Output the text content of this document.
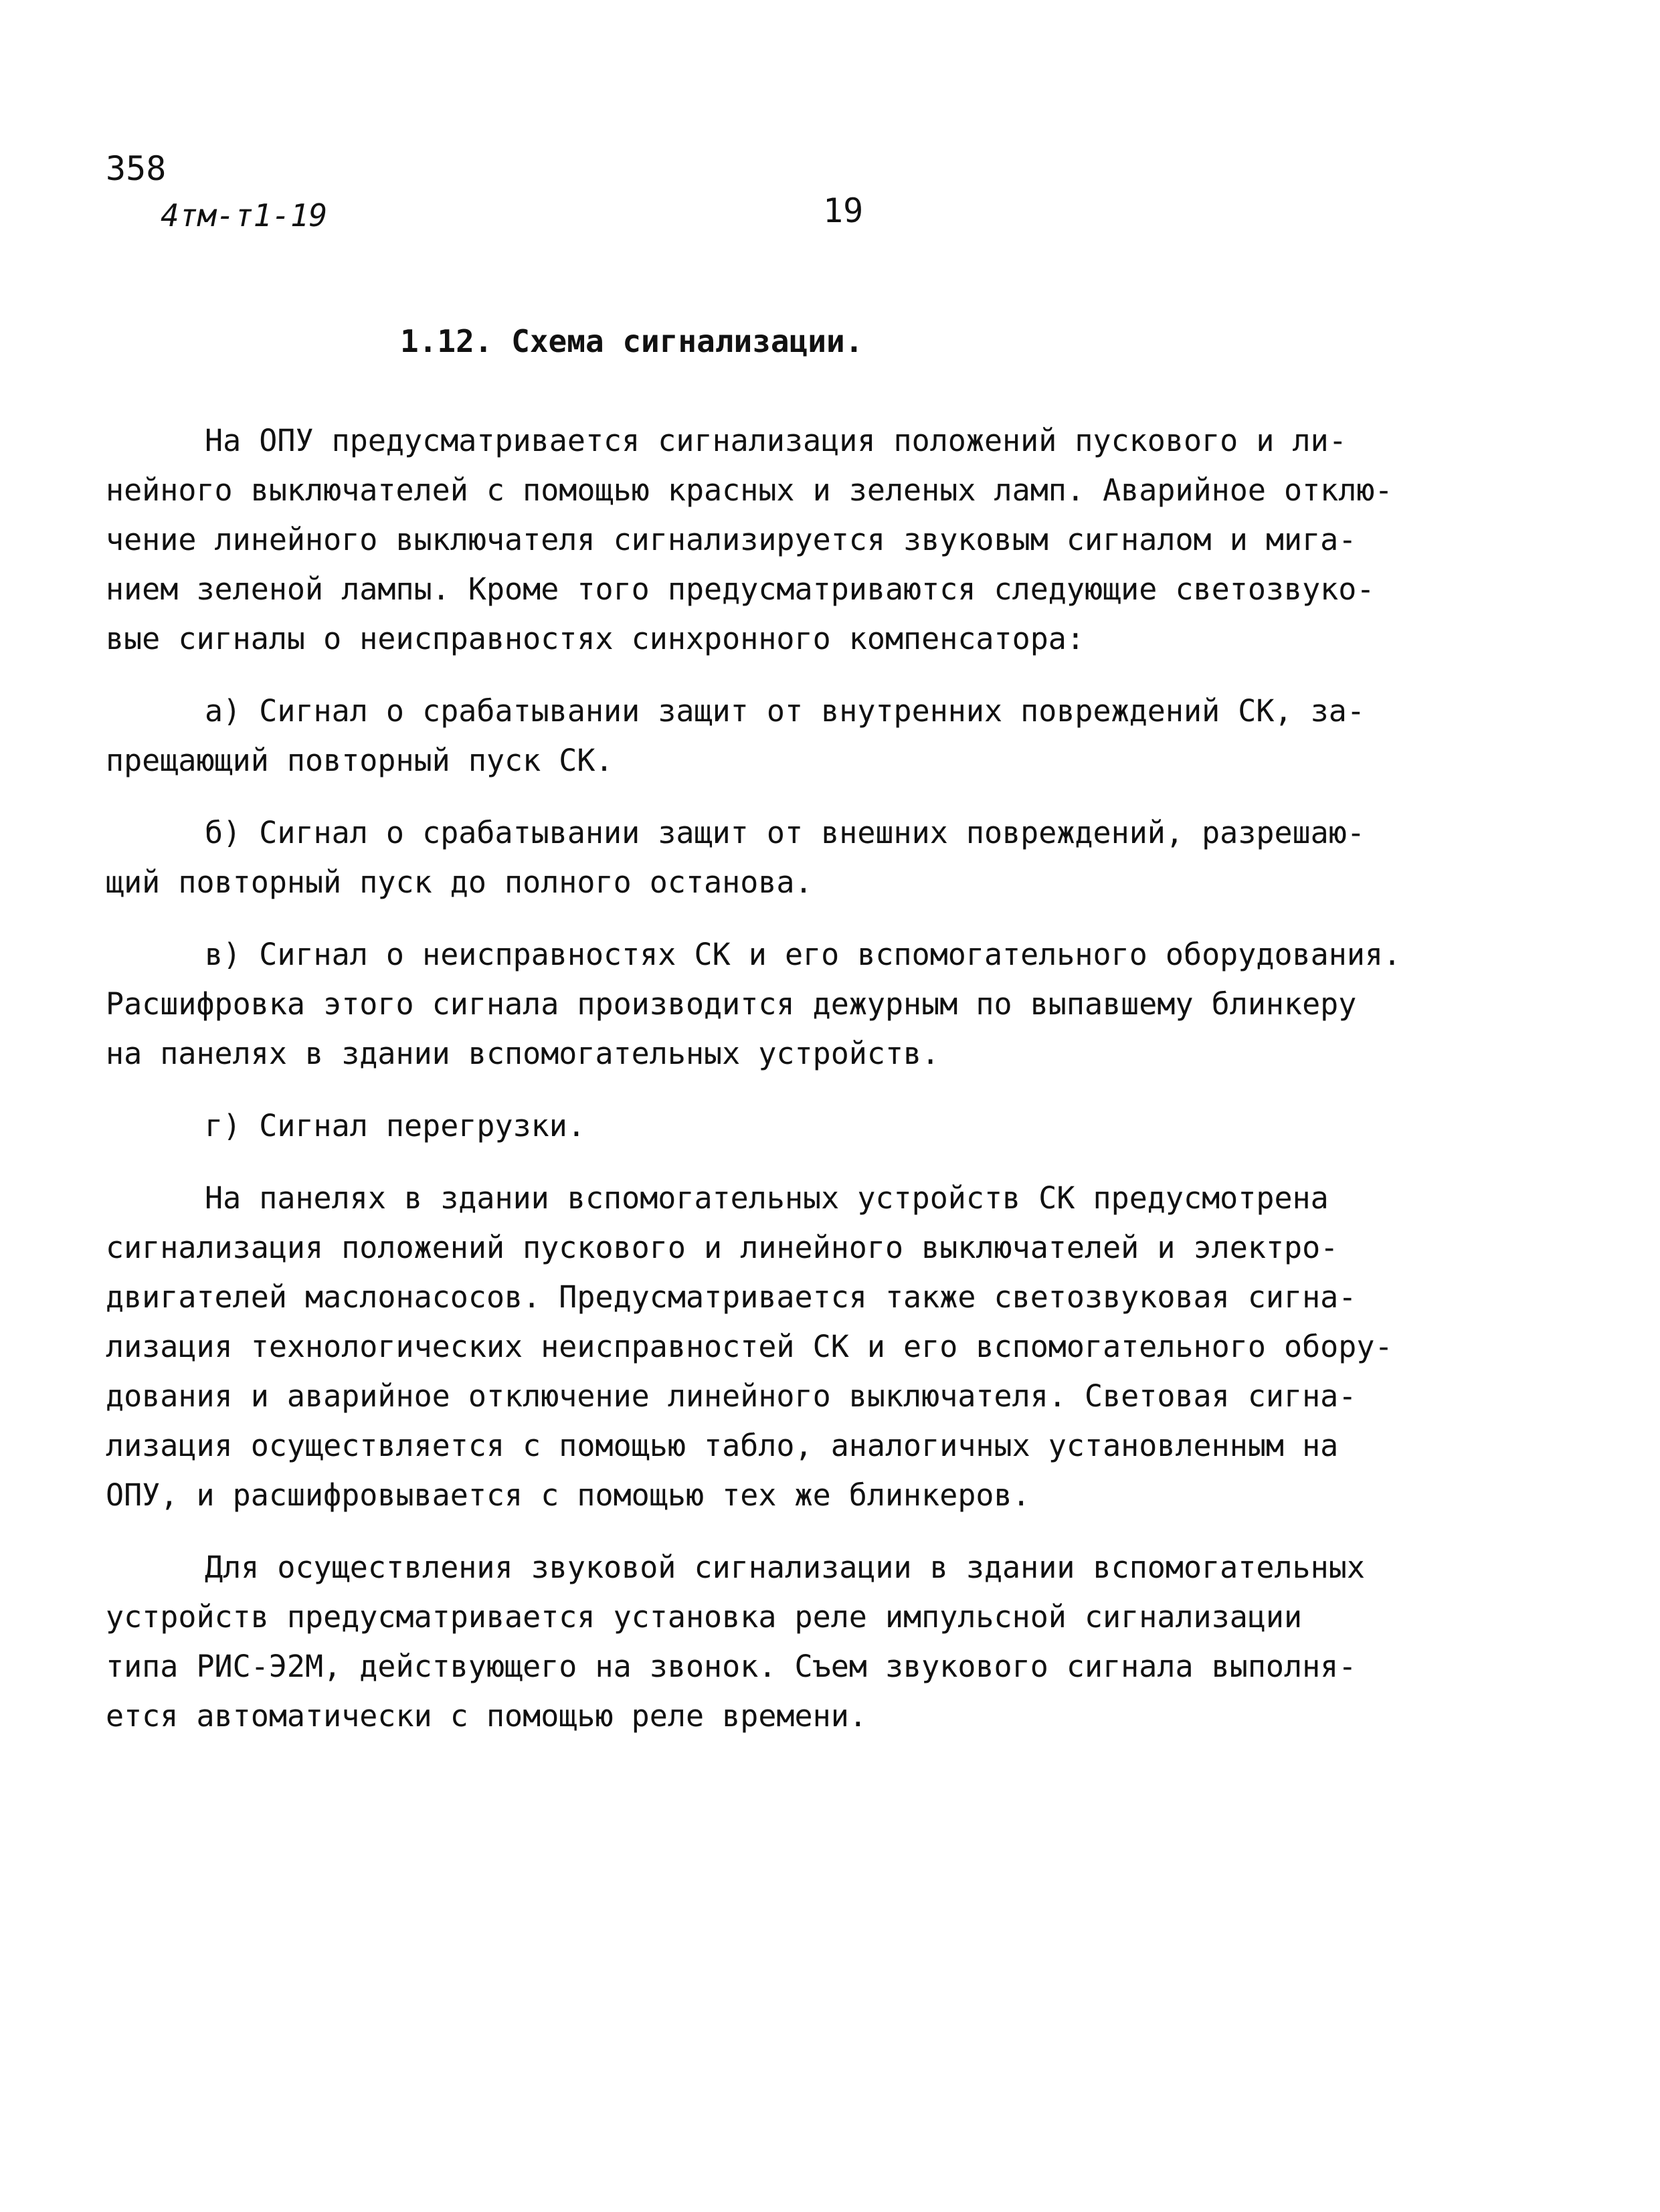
358
4тм-т1-19	19
1.12. Схема сигнализации.

На ОПУ предусматривается сигнализация положений пускового и ли-
нейного выключателей с помощью красных и зеленых ламп. Аварийное отклю-
чение линейного выключателя сигнализируется звуковым сигналом и мига-
нием зеленой лампы. Кроме того предусматриваются следующие светозвуко-
вые сигналы о неисправностях синхронного компенсатора:

а) Сигнал о срабатывании защит от внутренних повреждений СК, за-
прещающий повторный пуск СК.

б) Сигнал о срабатывании защит от внешних повреждений, разрешаю-
щий повторный пуск до полного останова.

в) Сигнал о неисправностях СК и его вспомогательного оборудования.
Расшифровка этого сигнала производится дежурным по выпавшему блинкеру
на панелях в здании вспомогательных устройств.

г) Сигнал перегрузки.

На панелях в здании вспомогательных устройств СК предусмотрена
сигнализация положений пускового и линейного выключателей и электро-
двигателей маслонасосов. Предусматривается также светозвуковая сигна-
лизация технологических неисправностей СК и его вспомогательного обору-
дования и аварийное отключение линейного выключателя. Световая сигна-
лизация осуществляется с помощью табло, аналогичных установленным на
ОПУ, и расшифровывается с помощью тех же блинкеров.

Для осуществления звуковой сигнализации в здании вспомогательных
устройств предусматривается установка реле импульсной сигнализации
типа РИС-Э2М, действующего на звонок. Съем звукового сигнала выполня-
ется автоматически с помощью реле времени.
